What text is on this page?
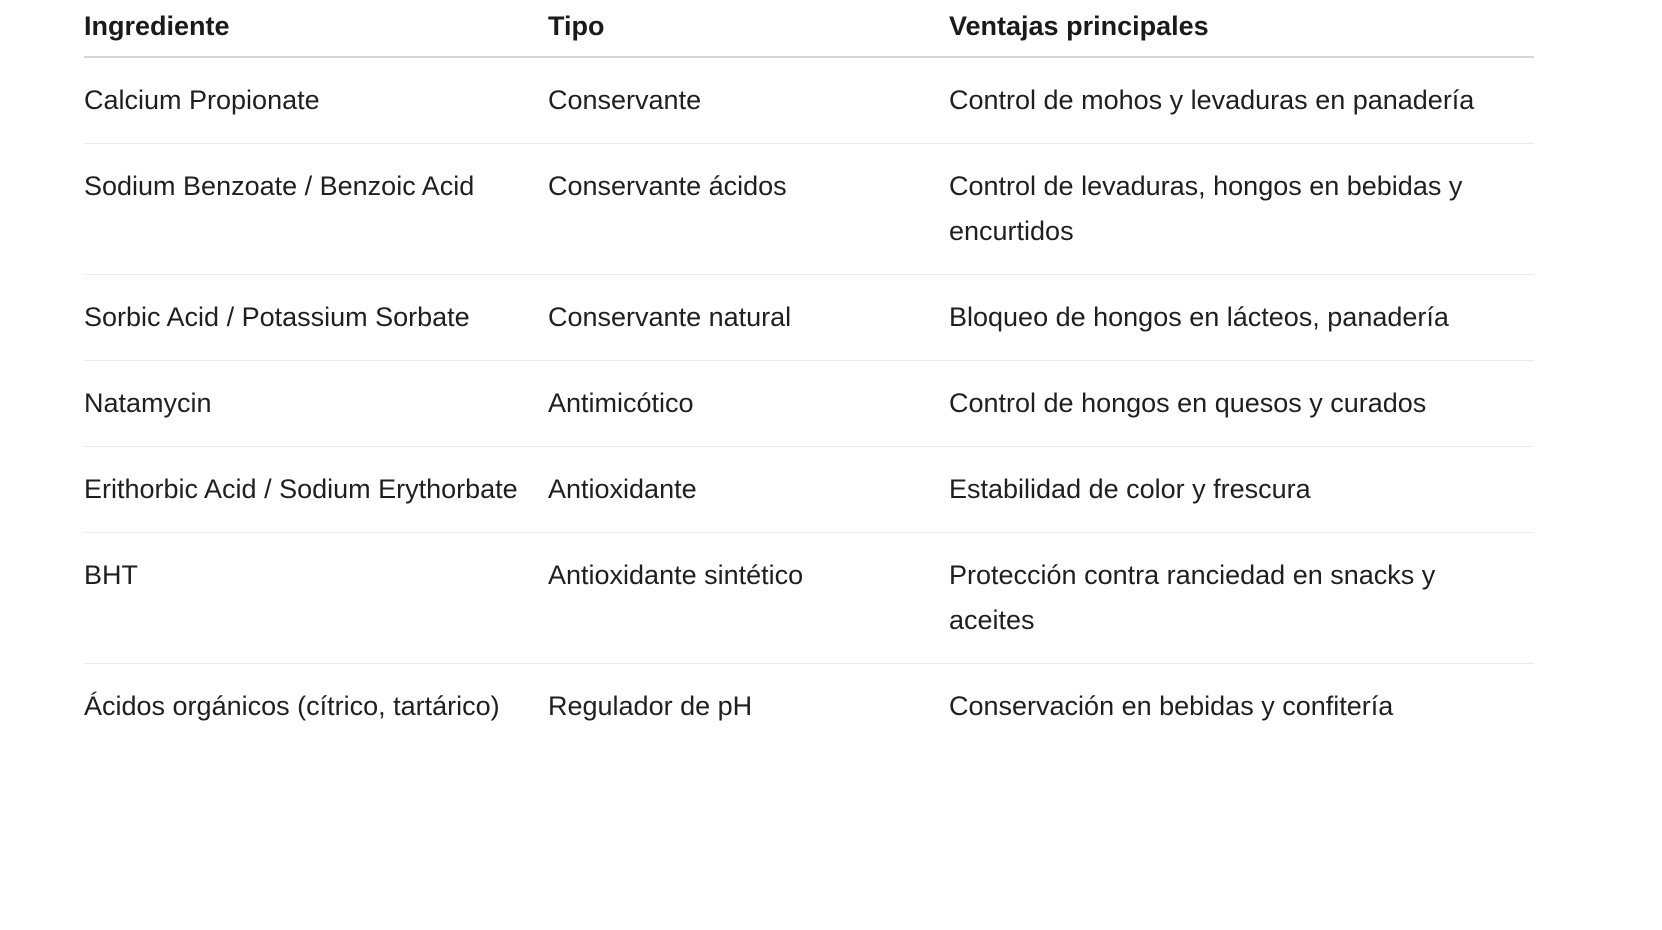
Ingrediente	Tipo	Ventajas principales
Calcium Propionate	Conservante	Control de mohos y levaduras en panadería
Sodium Benzoate / Benzoic Acid	Conservante ácidos	Control de levaduras, hongos en bebidas y encurtidos
Sorbic Acid / Potassium Sorbate	Conservante natural	Bloqueo de hongos en lácteos, panadería
Natamycin	Antimicótico	Control de hongos en quesos y curados
Erithorbic Acid / Sodium Erythorbate	Antioxidante	Estabilidad de color y frescura
BHT	Antioxidante sintético	Protección contra ranciedad en snacks y aceites
Ácidos orgánicos (cítrico, tartárico)	Regulador de pH	Conservación en bebidas y confitería
